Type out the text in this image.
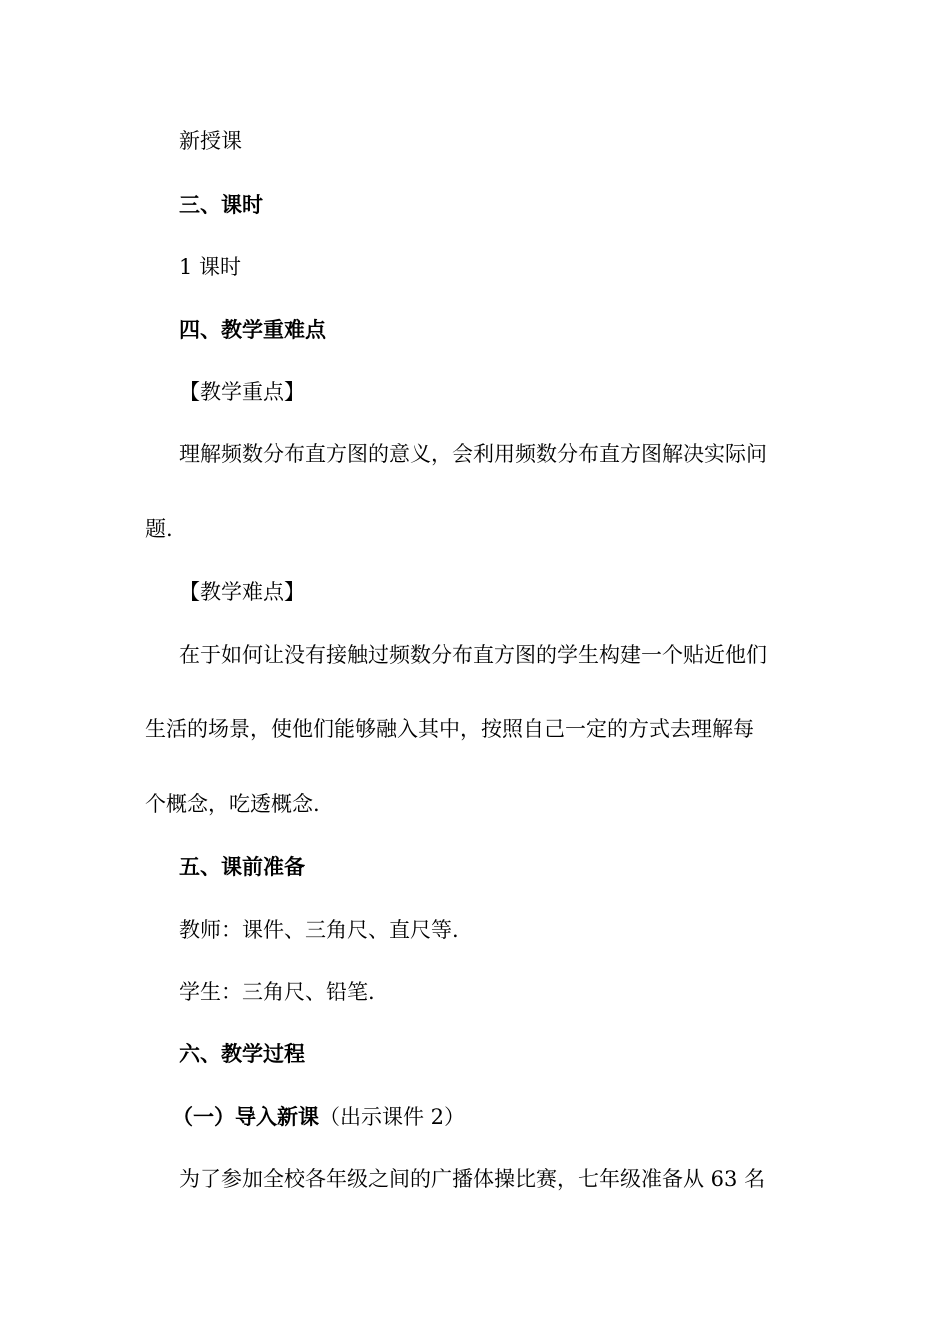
新授课
三、课时
1 课时
四、教学重难点
【教学重点】
理解频数分布直方图的意义，会利用频数分布直方图解决实际问
题.
【教学难点】
在于如何让没有接触过频数分布直方图的学生构建一个贴近他们
生活的场景，使他们能够融入其中，按照自己一定的方式去理解每
个概念，吃透概念.
五、课前准备
教师：课件、三角尺、直尺等.
学生：三角尺、铅笔.
六、教学过程
（一）导入新课（出示课件 2）
为了参加全校各年级之间的广播体操比赛，七年级准备从 63 名
